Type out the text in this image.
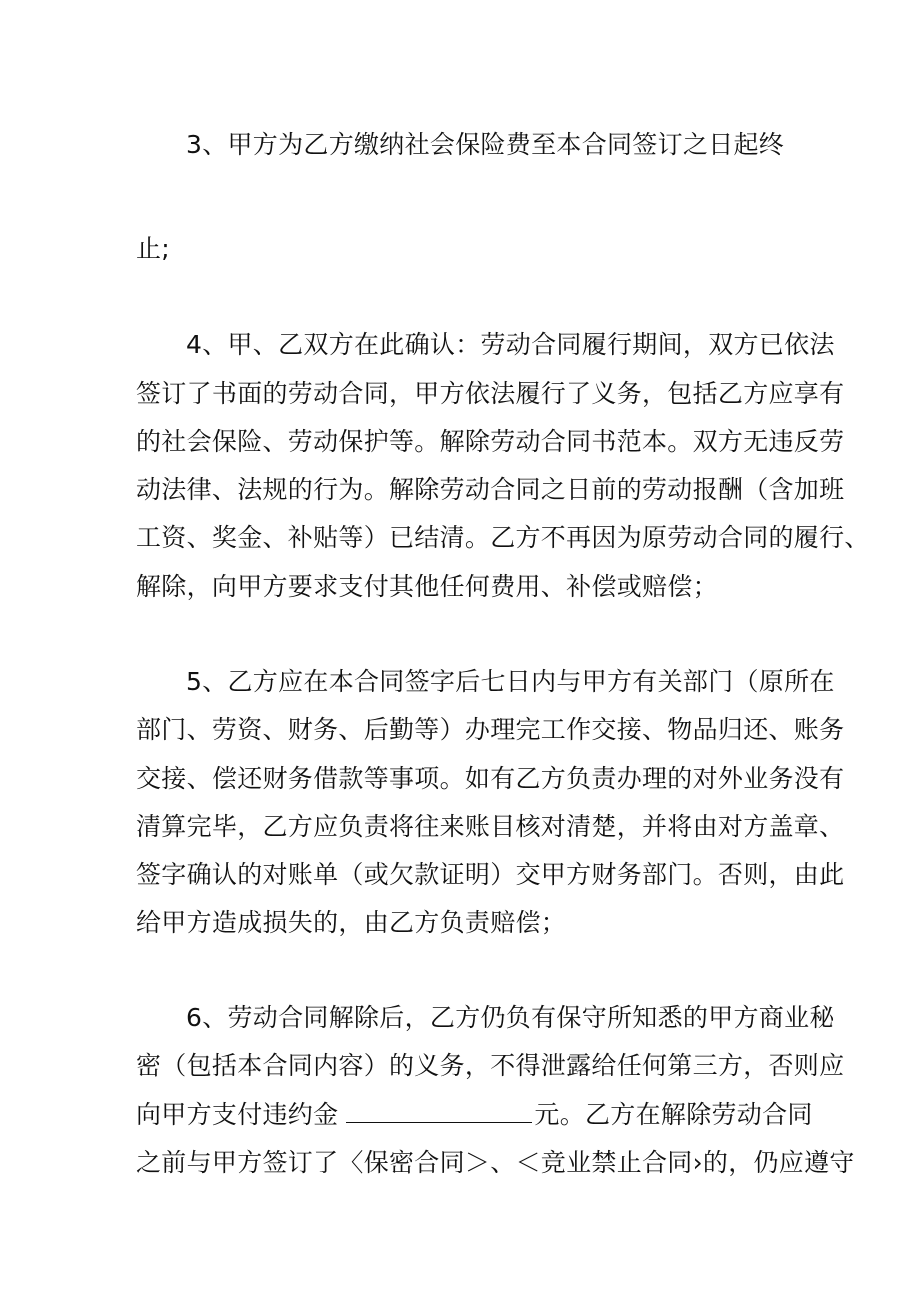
3、甲方为乙方缴纳社会保险费至本合同签订之日起终
止;
4、甲、乙双方在此确认：劳动合同履行期间，双方已依法
签订了书面的劳动合同，甲方依法履行了义务，包括乙方应享有
的社会保险、劳动保护等。解除劳动合同书范本。双方无违反劳
动法律、法规的行为。解除劳动合同之日前的劳动报酬（含加班
工资、奖金、补贴等）已结清。乙方不再因为原劳动合同的履行、
解除，向甲方要求支付其他任何费用、补偿或赔偿；
5、乙方应在本合同签字后七日内与甲方有关部门（原所在
部门、劳资、财务、后勤等）办理完工作交接、物品归还、账务
交接、偿还财务借款等事项。如有乙方负责办理的对外业务没有
清算完毕，乙方应负责将往来账目核对清楚，并将由对方盖章、
签字确认的对账单（或欠款证明）交甲方财务部门。否则，由此
给甲方造成损失的，由乙方负责赔偿；
6、劳动合同解除后，乙方仍负有保守所知悉的甲方商业秘
密（包括本合同内容）的义务，不得泄露给任何第三方，否则应
向甲方支付违约金	元。乙方在解除劳动合同
之前与甲方签订了〈保密合同＞、＜竞业禁止合同›的，仍应遵守
